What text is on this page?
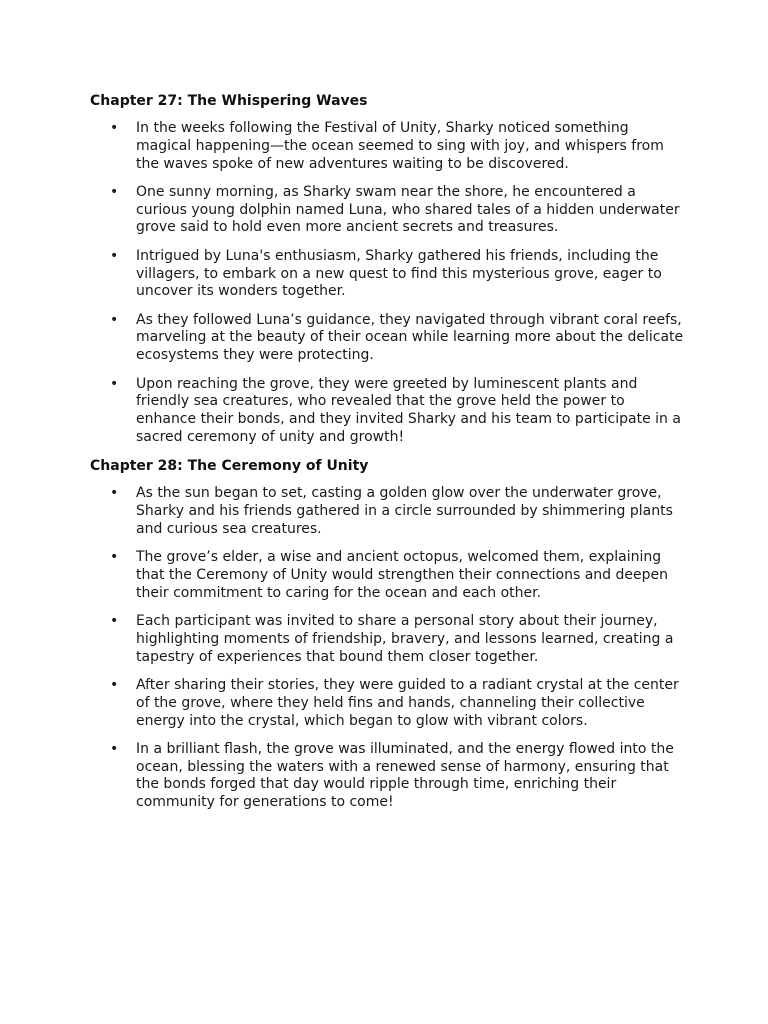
Chapter 27: The Whispering Waves
• In the weeks following the Festival of Unity, Sharky noticed something magical happening—the ocean seemed to sing with joy, and whispers from the waves spoke of new adventures waiting to be discovered.
• One sunny morning, as Sharky swam near the shore, he encountered a curious young dolphin named Luna, who shared tales of a hidden underwater grove said to hold even more ancient secrets and treasures.
• Intrigued by Luna's enthusiasm, Sharky gathered his friends, including the villagers, to embark on a new quest to find this mysterious grove, eager to uncover its wonders together.
• As they followed Luna’s guidance, they navigated through vibrant coral reefs, marveling at the beauty of their ocean while learning more about the delicate ecosystems they were protecting.
• Upon reaching the grove, they were greeted by luminescent plants and friendly sea creatures, who revealed that the grove held the power to enhance their bonds, and they invited Sharky and his team to participate in a sacred ceremony of unity and growth!
Chapter 28: The Ceremony of Unity
• As the sun began to set, casting a golden glow over the underwater grove, Sharky and his friends gathered in a circle surrounded by shimmering plants and curious sea creatures.
• The grove’s elder, a wise and ancient octopus, welcomed them, explaining that the Ceremony of Unity would strengthen their connections and deepen their commitment to caring for the ocean and each other.
• Each participant was invited to share a personal story about their journey, highlighting moments of friendship, bravery, and lessons learned, creating a tapestry of experiences that bound them closer together.
• After sharing their stories, they were guided to a radiant crystal at the center of the grove, where they held fins and hands, channeling their collective energy into the crystal, which began to glow with vibrant colors.
• In a brilliant flash, the grove was illuminated, and the energy flowed into the ocean, blessing the waters with a renewed sense of harmony, ensuring that the bonds forged that day would ripple through time, enriching their community for generations to come!
